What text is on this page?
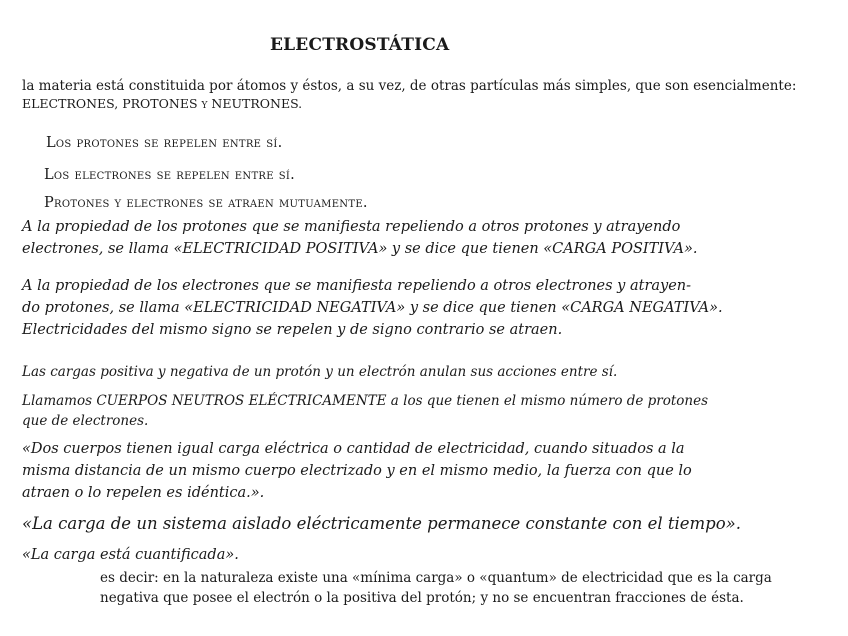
ELECTROSTÁTICA
la materia está constituida por átomos y éstos, a su vez, de otras partículas más simples, que son esencialmente:
ELECTRONES, PROTONES y NEUTRONES.
Los protones se repelen entre sí.
Los electrones se repelen entre sí.
Protones y electrones se atraen mutuamente.
A la propiedad de los protones que se manifiesta repeliendo a otros protones y atrayendo
electrones, se llama «ELECTRICIDAD POSITIVA» y se dice que tienen «CARGA POSITIVA».
A la propiedad de los electrones que se manifiesta repeliendo a otros electrones y atrayen-
do protones, se llama «ELECTRICIDAD NEGATIVA» y se dice que tienen «CARGA NEGATIVA».
Electricidades del mismo signo se repelen y de signo contrario se atraen.
Las cargas positiva y negativa de un protón y un electrón anulan sus acciones entre sí.
Llamamos CUERPOS NEUTROS ELÉCTRICAMENTE a los que tienen el mismo número de protones
que de electrones.
«Dos cuerpos tienen igual carga eléctrica o cantidad de electricidad, cuando situados a la
misma distancia de un mismo cuerpo electrizado y en el mismo medio, la fuerza con que lo
atraen o lo repelen es idéntica.».
«La carga de un sistema aislado eléctricamente permanece constante con el tiempo».
«La carga está cuantificada».
es decir: en la naturaleza existe una «mínima carga» o «quantum» de electricidad que es la carga
negativa que posee el electrón o la positiva del protón; y no se encuentran fracciones de ésta.
